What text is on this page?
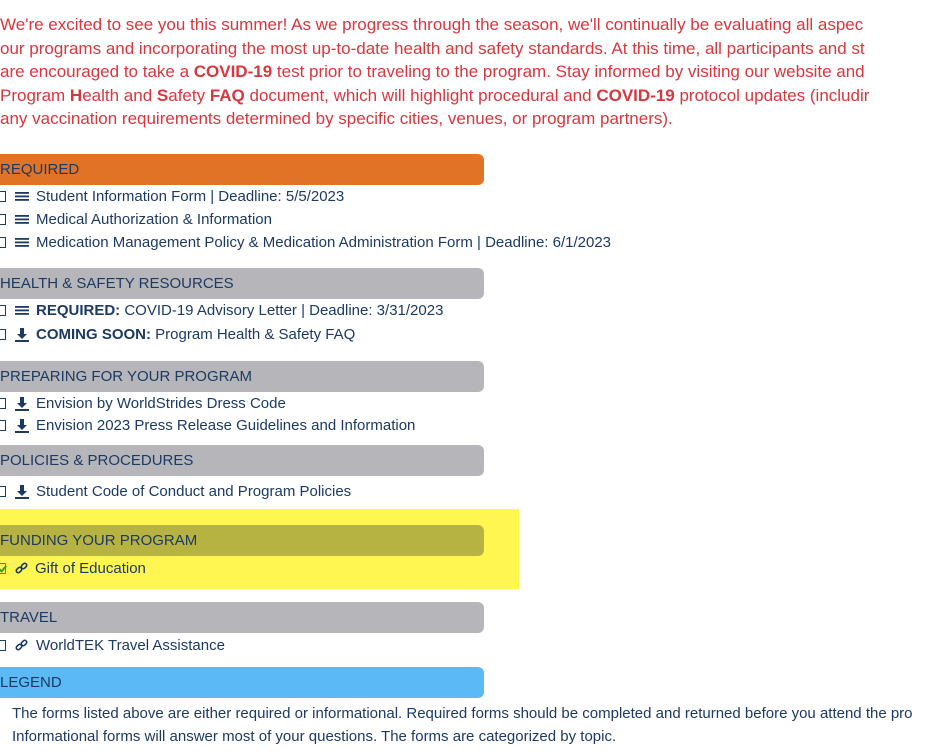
We're excited to see you this summer! As we progress through the season, we'll continually be evaluating all aspec

our programs and incorporating the most up-to-date health and safety standards. At this time, all participants and st

are encouraged to take a COVID-19 test prior to traveling to the program. Stay informed by visiting our website and

Program Health and Safety FAQ document, which will highlight procedural and COVID-19 protocol updates (includir

any vaccination requirements determined by specific cities, venues, or program partners).

REQUIRED
Student Information Form | Deadline: 5/5/2023
Medical Authorization & Information
Medication Management Policy & Medication Administration Form | Deadline: 6/1/2023
HEALTH & SAFETY RESOURCES
REQUIRED: COVID-19 Advisory Letter | Deadline: 3/31/2023
COMING SOON: Program Health & Safety FAQ
PREPARING FOR YOUR PROGRAM
Envision by WorldStrides Dress Code
Envision 2023 Press Release Guidelines and Information
POLICIES & PROCEDURES
Student Code of Conduct and Program Policies
FUNDING YOUR PROGRAM
Gift of Education
TRAVEL
WorldTEK Travel Assistance
LEGEND

The forms listed above are either required or informational. Required forms should be completed and returned before you attend the pro

Informational forms will answer most of your questions. The forms are categorized by topic.
